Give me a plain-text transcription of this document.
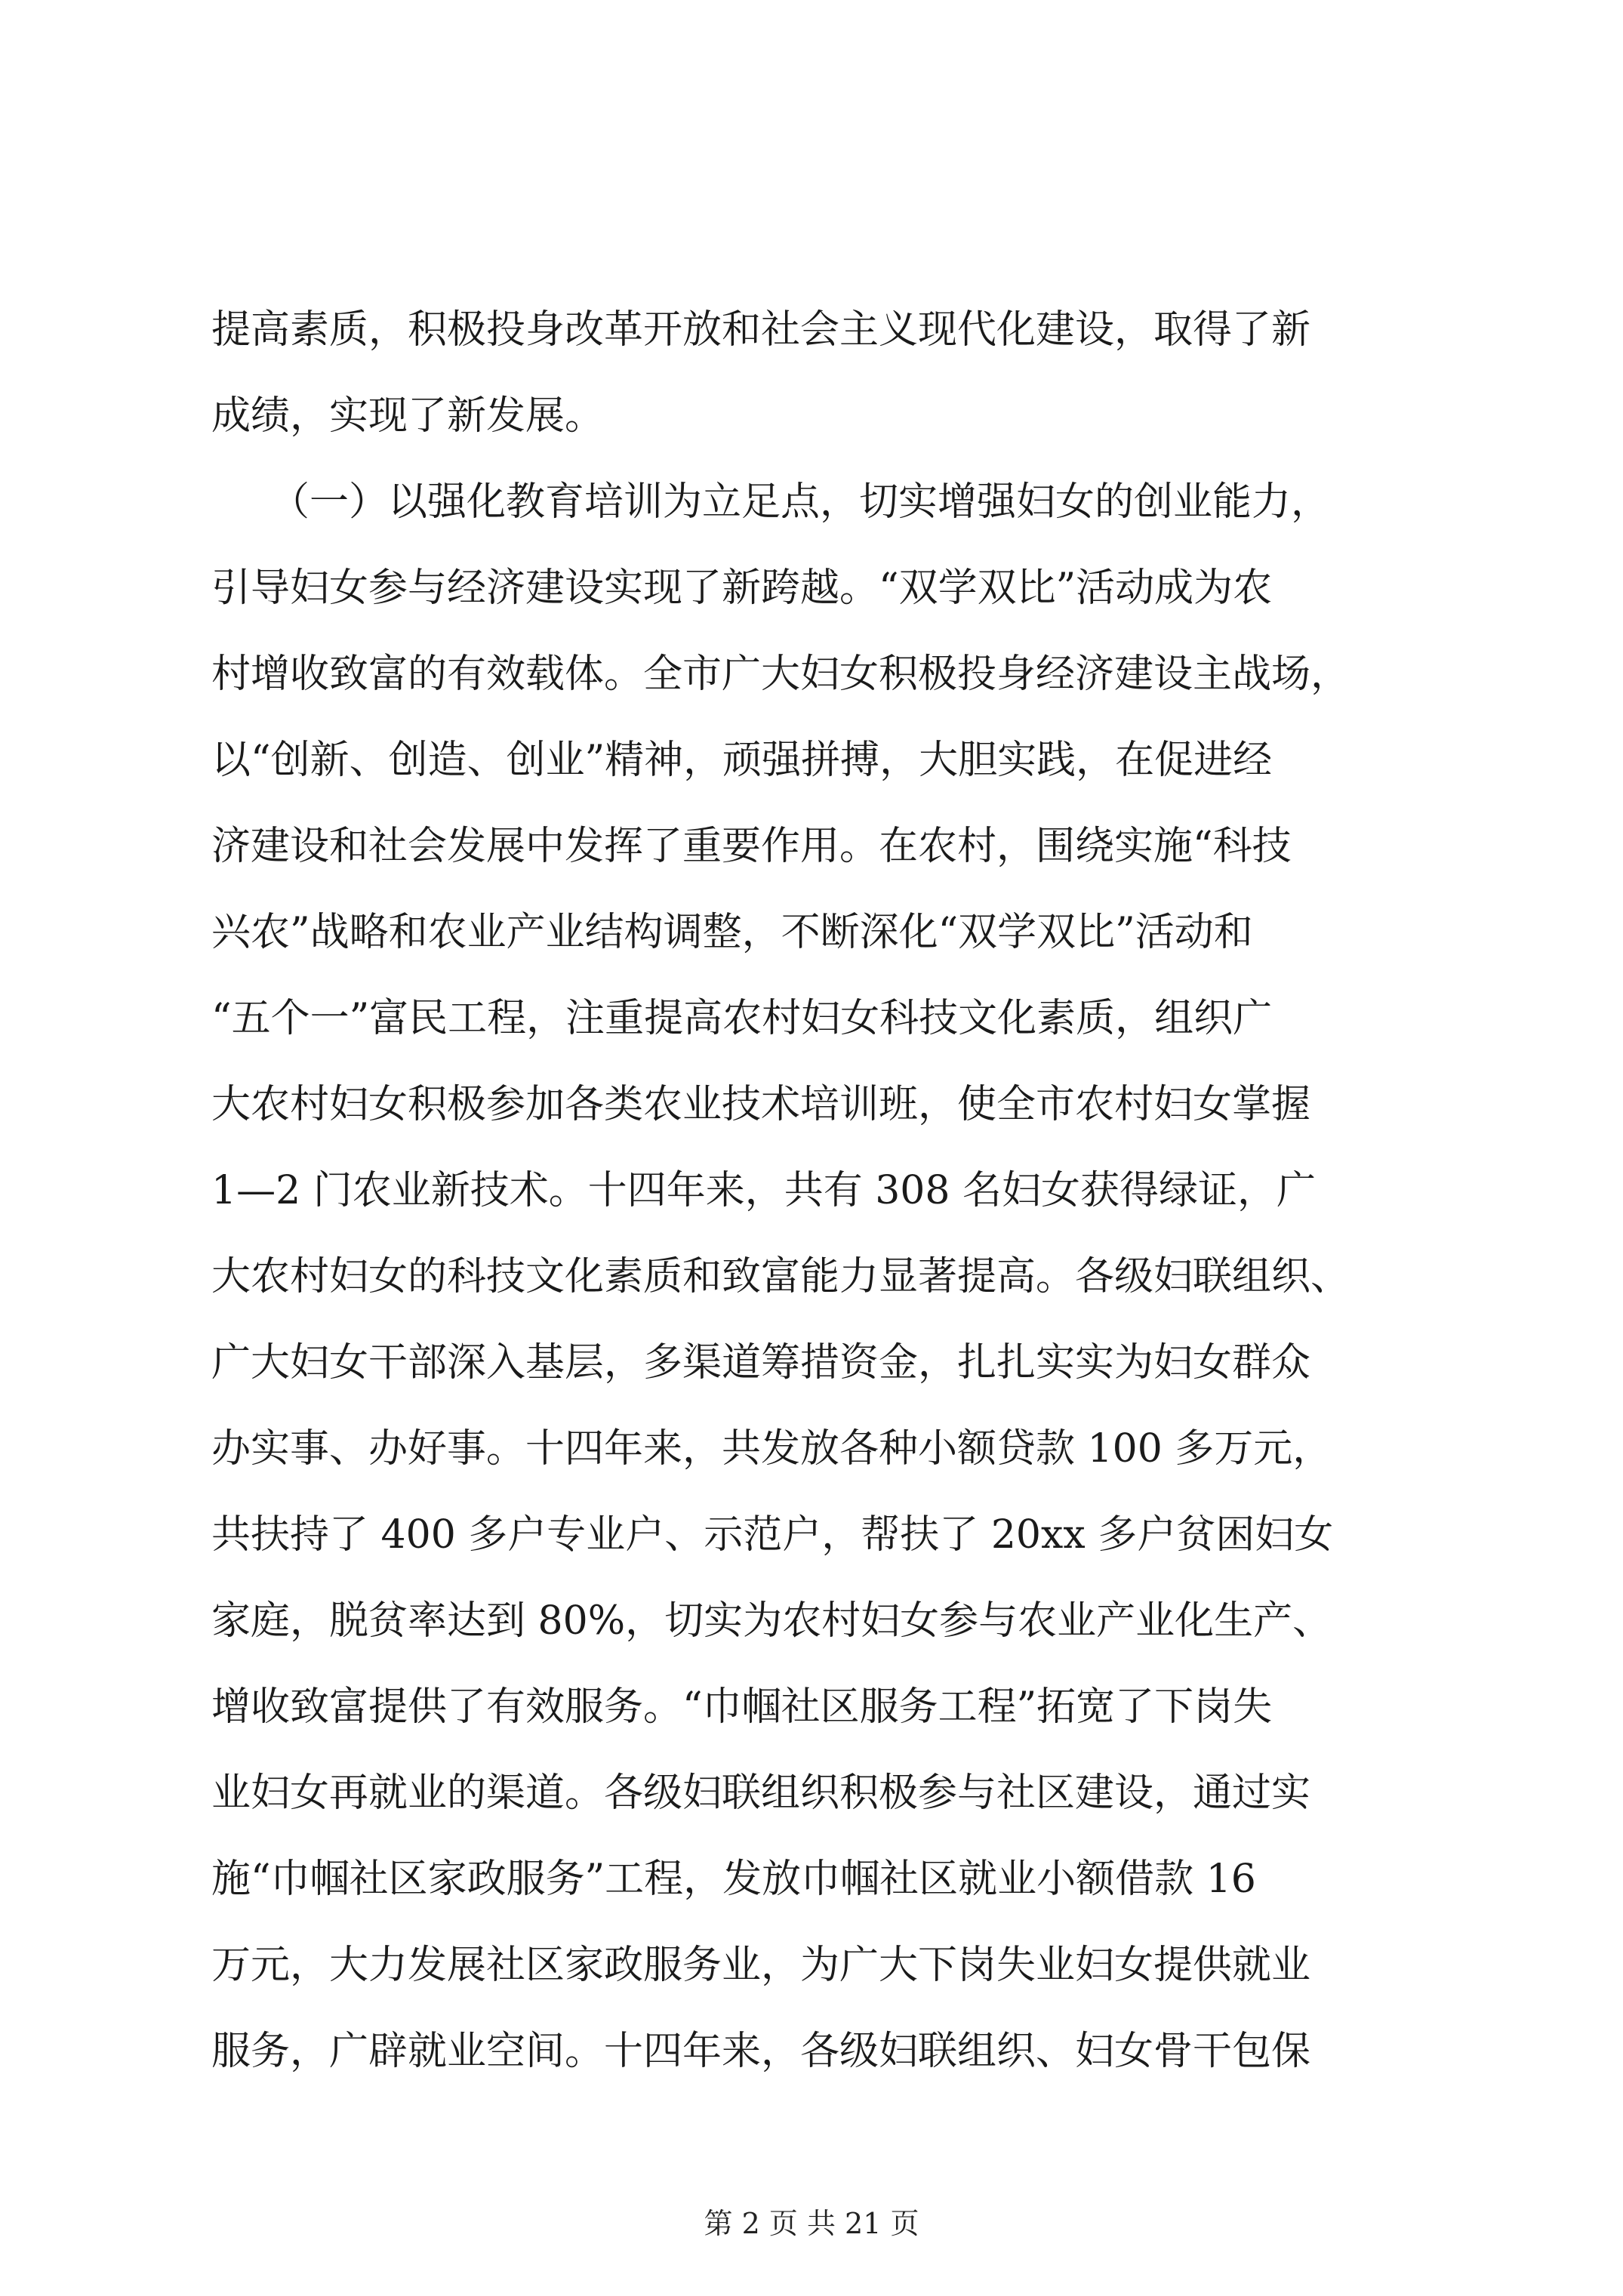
提高素质，积极投身改革开放和社会主义现代化建设，取得了新
成绩，实现了新发展。
　　（一）以强化教育培训为立足点，切实增强妇女的创业能力，
引导妇女参与经济建设实现了新跨越。“双学双比”活动成为农
村增收致富的有效载体。全市广大妇女积极投身经济建设主战场，
以“创新、创造、创业”精神，顽强拼搏，大胆实践，在促进经
济建设和社会发展中发挥了重要作用。在农村，围绕实施“科技
兴农”战略和农业产业结构调整，不断深化“双学双比”活动和
“五个一”富民工程，注重提高农村妇女科技文化素质，组织广
大农村妇女积极参加各类农业技术培训班，使全市农村妇女掌握
1—2 门农业新技术。十四年来，共有 308 名妇女获得绿证，广
大农村妇女的科技文化素质和致富能力显著提高。各级妇联组织、
广大妇女干部深入基层，多渠道筹措资金，扎扎实实为妇女群众
办实事、办好事。十四年来，共发放各种小额贷款 100 多万元，
共扶持了 400 多户专业户、示范户，帮扶了 20xx 多户贫困妇女
家庭，脱贫率达到 80%，切实为农村妇女参与农业产业化生产、
增收致富提供了有效服务。“巾帼社区服务工程”拓宽了下岗失
业妇女再就业的渠道。各级妇联组织积极参与社区建设，通过实
施“巾帼社区家政服务”工程，发放巾帼社区就业小额借款 16
万元，大力发展社区家政服务业，为广大下岗失业妇女提供就业
服务，广辟就业空间。十四年来，各级妇联组织、妇女骨干包保
第 2 页 共 21 页
